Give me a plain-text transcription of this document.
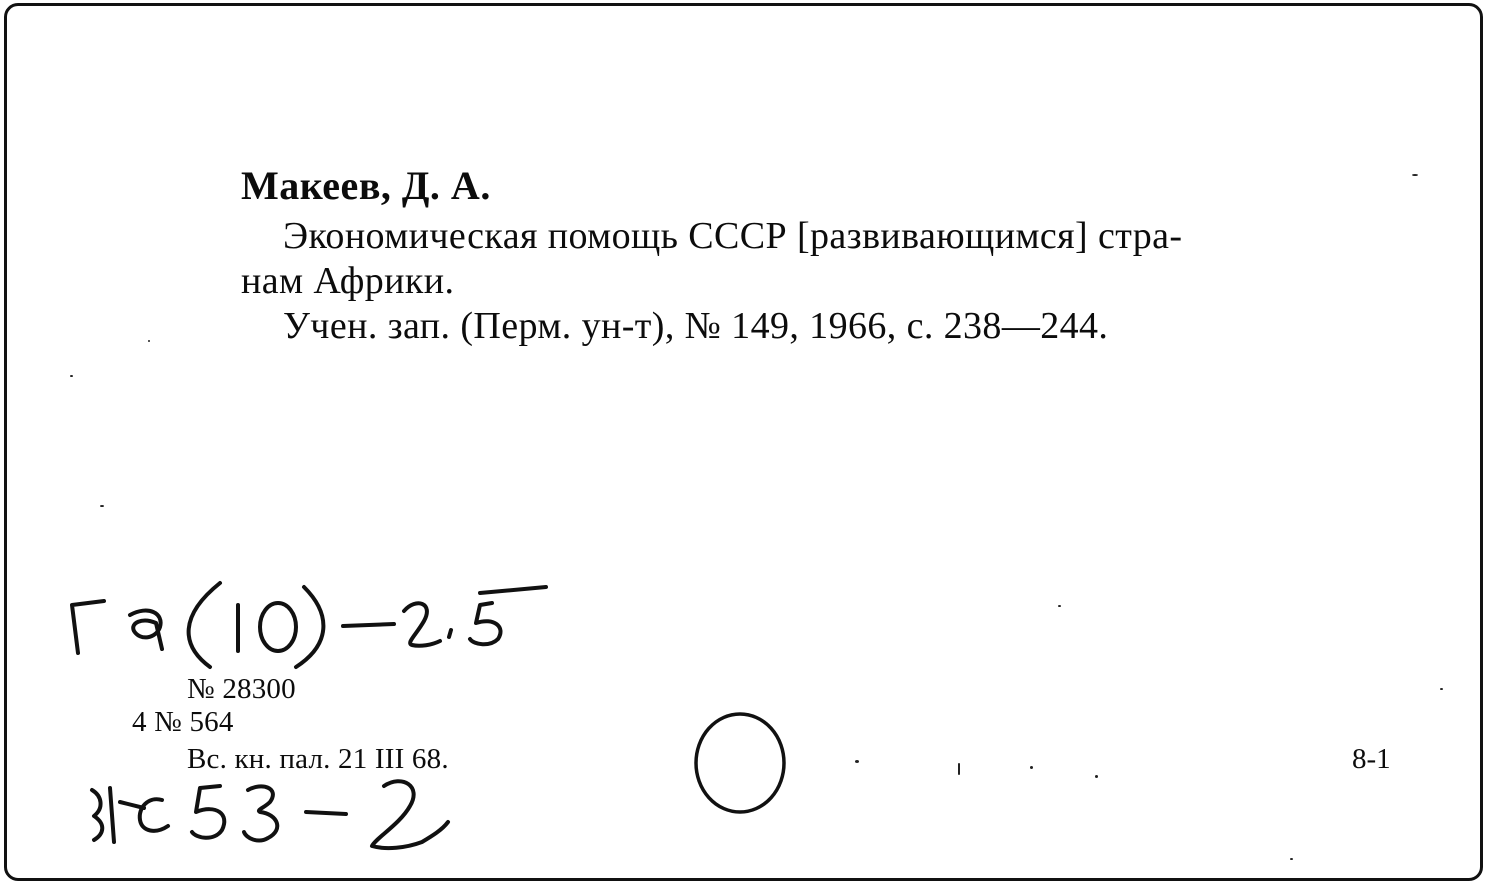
Макеев, Д. А.
Экономическая помощь СССР [развивающимся] стра-
нам Африки.
Учен. зап. (Перм. ун-т), № 149, 1966, с. 238—244.
№ 28300
4 № 564
Вс. кн. пал. 21 III 68.	8-1
